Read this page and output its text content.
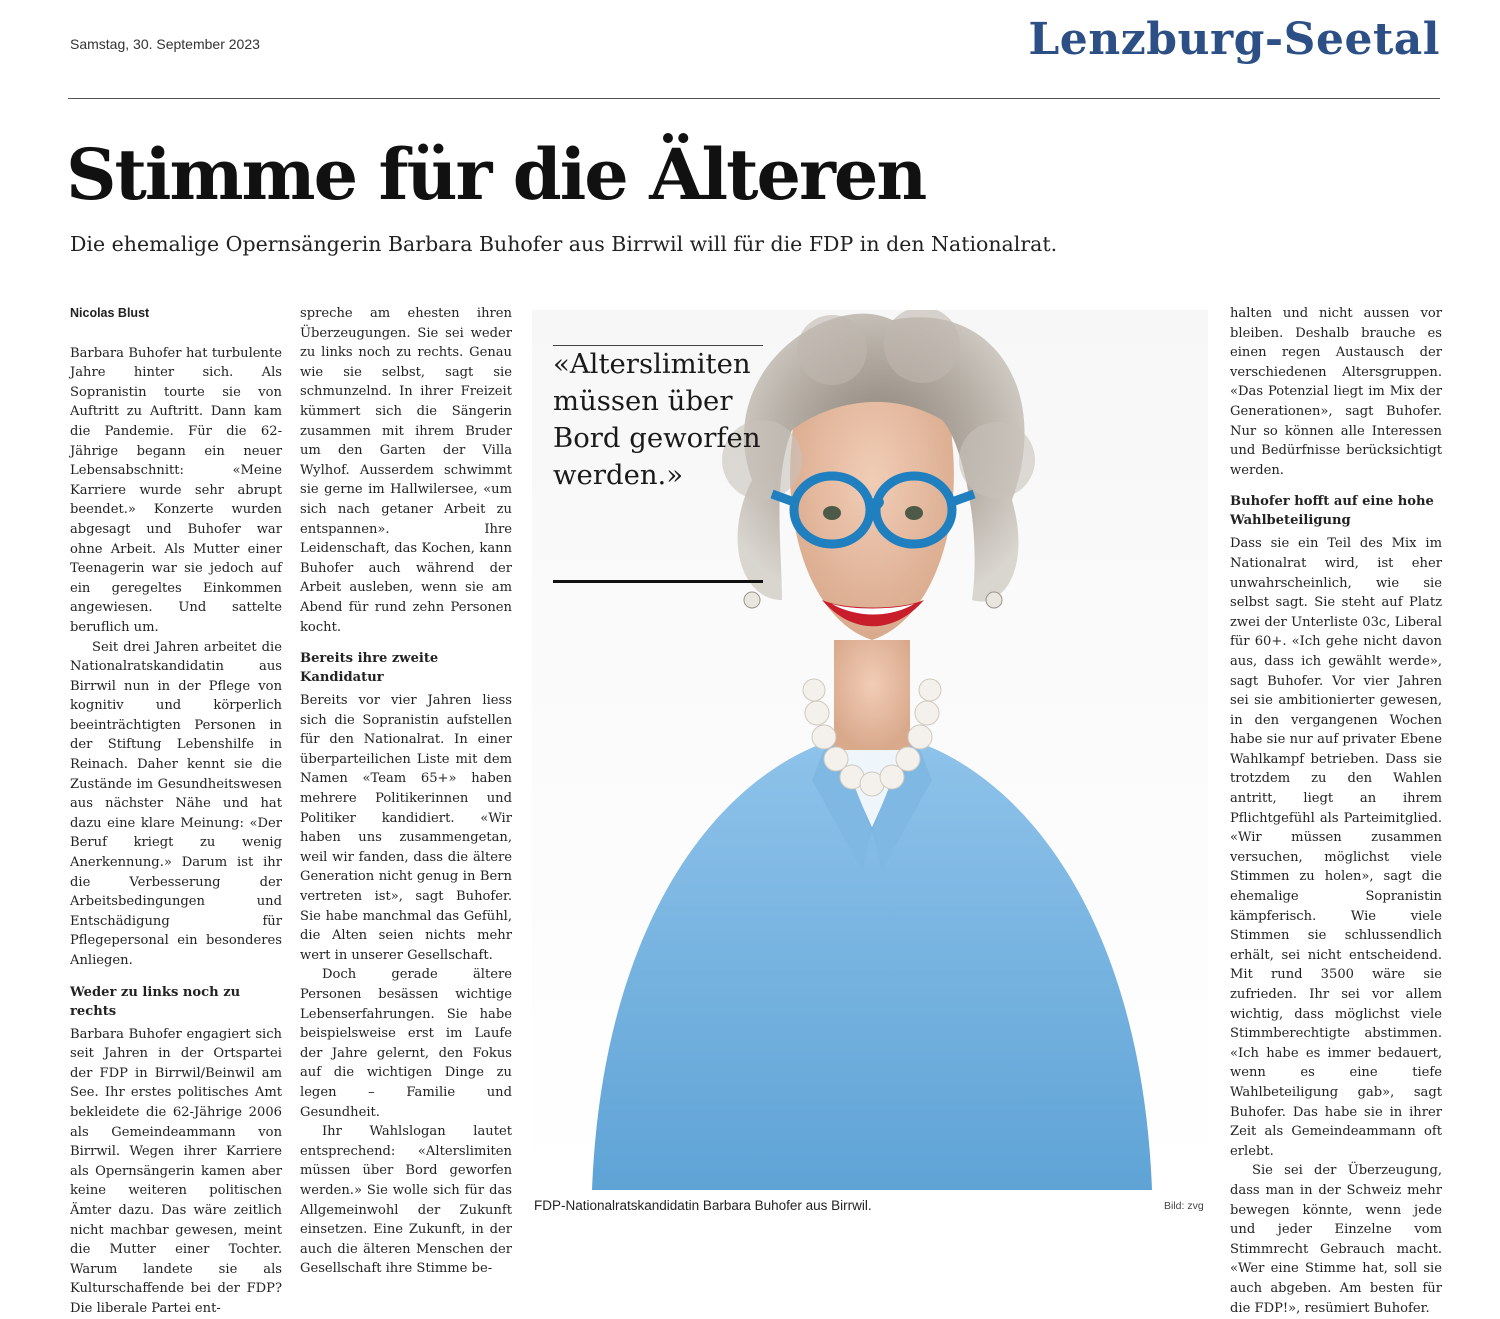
Samstag, 30. September 2023	Lenzburg-Seetal
Stimme für die Älteren
Die ehemalige Opernsängerin Barbara Buhofer aus Birrwil will für die FDP in den Nationalrat.

Nicolas Blust

Barbara Buhofer hat turbulente Jahre hinter sich. Als Sopranistin tourte sie von Auftritt zu Auftritt. Dann kam die Pandemie. Für die 62-Jährige begann ein neuer Lebensabschnitt: «Meine Karriere wurde sehr abrupt beendet.» Konzerte wurden abgesagt und Buhofer war ohne Arbeit. Als Mutter einer Teenagerin war sie jedoch auf ein geregeltes Einkommen angewiesen. Und sattelte beruflich um.

Seit drei Jahren arbeitet die Nationalratskandidatin aus Birrwil nun in der Pflege von kognitiv und körperlich beeinträchtigten Personen in der Stiftung Lebenshilfe in Reinach. Daher kennt sie die Zustände im Gesundheitswesen aus nächster Nähe und hat dazu eine klare Meinung: «Der Beruf kriegt zu wenig Anerkennung.» Darum ist ihr die Verbesserung der Arbeitsbedingungen und Entschädigung für Pflegepersonal ein besonderes Anliegen.

Weder zu links noch zu rechts

Barbara Buhofer engagiert sich seit Jahren in der Ortspartei der FDP in Birrwil/Beinwil am See. Ihr erstes politisches Amt bekleidete die 62-Jährige 2006 als Gemeindeammann von Birrwil. Wegen ihrer Karriere als Opernsängerin kamen aber keine weiteren politischen Ämter dazu. Das wäre zeitlich nicht machbar gewesen, meint die Mutter einer Tochter. Warum landete sie als Kulturschaffende bei der FDP? Die liberale Partei ent-

spreche am ehesten ihren Überzeugungen. Sie sei weder zu links noch zu rechts. Genau wie sie selbst, sagt sie schmunzelnd. In ihrer Freizeit kümmert sich die Sängerin zusammen mit ihrem Bruder um den Garten der Villa Wylhof. Ausserdem schwimmt sie gerne im Hallwilersee, «um sich nach getaner Arbeit zu entspannen». Ihre Leidenschaft, das Kochen, kann Buhofer auch während der Arbeit ausleben, wenn sie am Abend für rund zehn Personen kocht.

Bereits ihre zweite Kandidatur

Bereits vor vier Jahren liess sich die Sopranistin aufstellen für den Nationalrat. In einer überparteilichen Liste mit dem Namen «Team 65+» haben mehrere Politikerinnen und Politiker kandidiert. «Wir haben uns zusammengetan, weil wir fanden, dass die ältere Generation nicht genug in Bern vertreten ist», sagt Buhofer. Sie habe manchmal das Gefühl, die Alten seien nichts mehr wert in unserer Gesellschaft.

Doch gerade ältere Personen besässen wichtige Lebenserfahrungen. Sie habe beispielsweise erst im Laufe der Jahre gelernt, den Fokus auf die wichtigen Dinge zu legen – Familie und Gesundheit.

Ihr Wahlslogan lautet entsprechend: «Alterslimiten müssen über Bord geworfen werden.» Sie wolle sich für das Allgemeinwohl der Zukunft einsetzen. Eine Zukunft, in der auch die älteren Menschen der Gesellschaft ihre Stimme be-

«Alterslimiten müssen über Bord geworfen werden.»
FDP-Nationalratskandidatin Barbara Buhofer aus Birrwil.	Bild: zvg

halten und nicht aussen vor bleiben. Deshalb brauche es einen regen Austausch der verschiedenen Altersgruppen. «Das Potenzial liegt im Mix der Generationen», sagt Buhofer. Nur so können alle Interessen und Bedürfnisse berücksichtigt werden.

Buhofer hofft auf eine hohe Wahlbeteiligung

Dass sie ein Teil des Mix im Nationalrat wird, ist eher unwahrscheinlich, wie sie selbst sagt. Sie steht auf Platz zwei der Unterliste 03c, Liberal für 60+. «Ich gehe nicht davon aus, dass ich gewählt werde», sagt Buhofer. Vor vier Jahren sei sie ambitionierter gewesen, in den vergangenen Wochen habe sie nur auf privater Ebene Wahlkampf betrieben. Dass sie trotzdem zu den Wahlen antritt, liegt an ihrem Pflichtgefühl als Parteimitglied. «Wir müssen zusammen versuchen, möglichst viele Stimmen zu holen», sagt die ehemalige Sopranistin kämpferisch. Wie viele Stimmen sie schlussendlich erhält, sei nicht entscheidend. Mit rund 3500 wäre sie zufrieden. Ihr sei vor allem wichtig, dass möglichst viele Stimmberechtigte abstimmen. «Ich habe es immer bedauert, wenn es eine tiefe Wahlbeteiligung gab», sagt Buhofer. Das habe sie in ihrer Zeit als Gemeindeammann oft erlebt.

Sie sei der Überzeugung, dass man in der Schweiz mehr bewegen könnte, wenn jede und jeder Einzelne vom Stimmrecht Gebrauch macht. «Wer eine Stimme hat, soll sie auch abgeben. Am besten für die FDP!», resümiert Buhofer.
